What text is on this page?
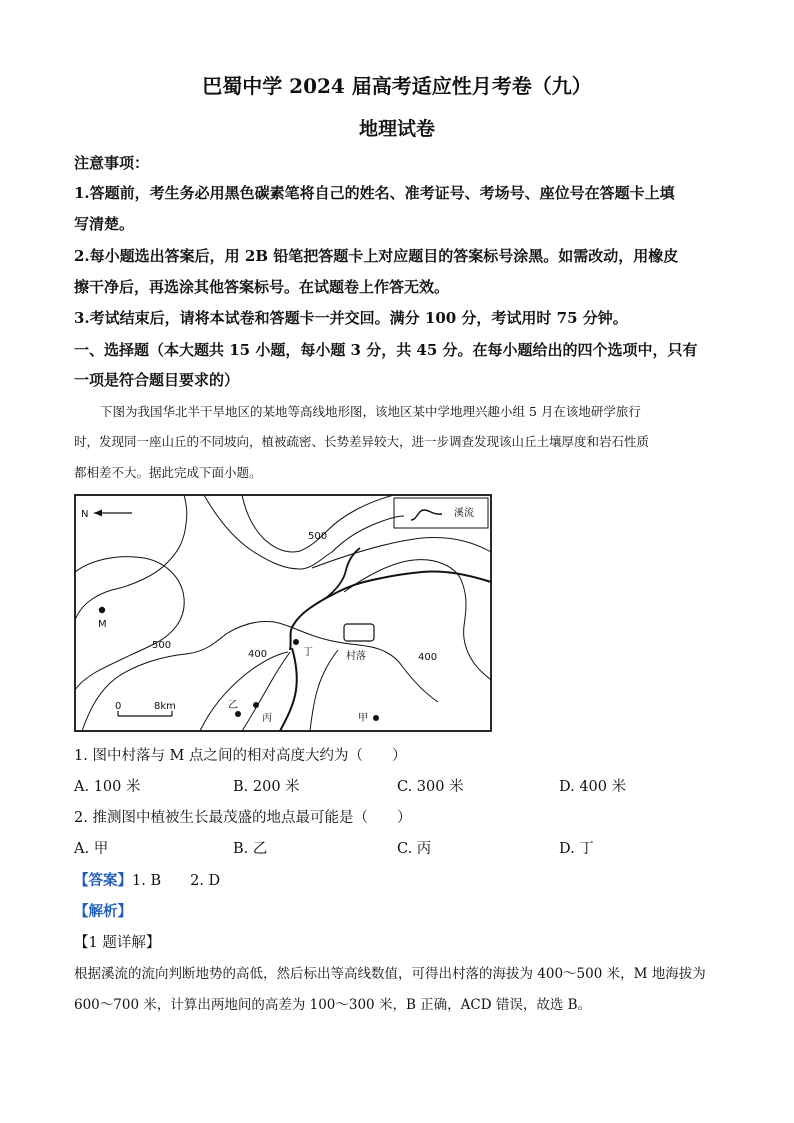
巴蜀中学 2024 届高考适应性月考卷（九）
地理试卷
注意事项：
1.答题前，考生务必用黑色碳素笔将自己的姓名、准考证号、考场号、座位号在答题卡上填
写清楚。
2.每小题选出答案后，用 2B 铅笔把答题卡上对应题目的答案标号涂黑。如需改动，用橡皮
擦干净后，再选涂其他答案标号。在试题卷上作答无效。
3.考试结束后，请将本试卷和答题卡一并交回。满分 100 分，考试用时 75 分钟。
一、选择题（本大题共 15 小题，每小题 3 分，共 45 分。在每小题给出的四个选项中，只有
一项是符合题目要求的）
下图为我国华北半干旱地区的某地等高线地形图，该地区某中学地理兴趣小组 5 月在该地研学旅行
时，发现同一座山丘的不同坡向，植被疏密、长势差异较大，进一步调查发现该山丘土壤厚度和岩石性质
都相差不大。据此完成下面小题。
N	溪流
500
500
400	400
M
村落
丁
乙
丙	甲
0	8km
1. 图中村落与 M 点之间的相对高度大约为（　　）
A. 100 米	B. 200 米	C. 300 米	D. 400 米
2. 推测图中植被生长最茂盛的地点最可能是（　　）
A. 甲	B. 乙	C. 丙	D. 丁
【答案】1. B　　2. D
【解析】
【1 题详解】
根据溪流的流向判断地势的高低，然后标出等高线数值，可得出村落的海拔为 400～500 米，M 地海拔为
600～700 米，计算出两地间的高差为 100～300 米，B 正确，ACD 错误，故选 B。
